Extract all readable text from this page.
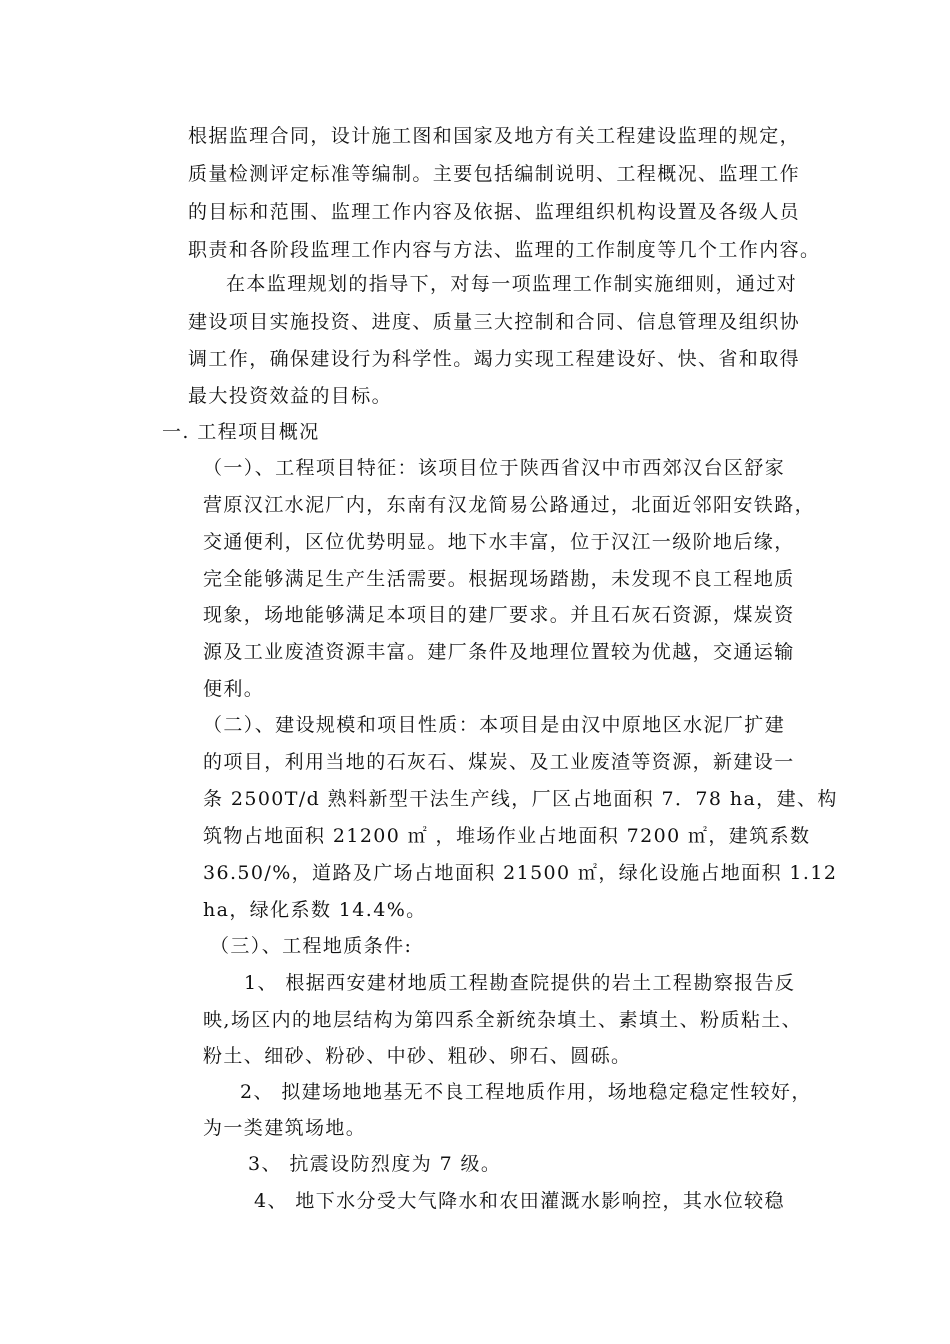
根据监理合同，设计施工图和国家及地方有关工程建设监理的规定，
质量检测评定标准等编制。主要包括编制说明、工程概况、监理工作
的目标和范围、监理工作内容及依据、监理组织机构设置及各级人员
职责和各阶段监理工作内容与方法、监理的工作制度等几个工作内容。
在本监理规划的指导下，对每一项监理工作制实施细则，通过对
建设项目实施投资、进度、质量三大控制和合同、信息管理及组织协
调工作，确保建设行为科学性。竭力实现工程建设好、快、省和取得
最大投资效益的目标。
一. 工程项目概况
（一）、工程项目特征：该项目位于陕西省汉中市西郊汉台区舒家
营原汉江水泥厂内，东南有汉龙简易公路通过，北面近邻阳安铁路，
交通便利，区位优势明显。地下水丰富，位于汉江一级阶地后缘，
完全能够满足生产生活需要。根据现场踏勘，未发现不良工程地质
现象，场地能够满足本项目的建厂要求。并且石灰石资源，煤炭资
源及工业废渣资源丰富。建厂条件及地理位置较为优越，交通运输
便利。
（二）、建设规模和项目性质：本项目是由汉中原地区水泥厂扩建
的项目，利用当地的石灰石、煤炭、及工业废渣等资源，新建设一
条 2500T/d 熟料新型干法生产线，厂区占地面积 7．78 ha，建、构
筑物占地面积 21200 ㎡ ，堆场作业占地面积 7200 ㎡，建筑系数
36.50/%，道路及广场占地面积 21500 ㎡，绿化设施占地面积 1.12
ha，绿化系数 14.4%。
（三）、工程地质条件:
1、 根据西安建材地质工程勘查院提供的岩土工程勘察报告反
映,场区内的地层结构为第四系全新统杂填土、素填土、粉质粘土、
粉土、细砂、粉砂、中砂、粗砂、卵石、圆砾。
2、 拟建场地地基无不良工程地质作用，场地稳定稳定性较好，
为一类建筑场地。
3、 抗震设防烈度为 7 级。
4、 地下水分受大气降水和农田灌溉水影响控，其水位较稳
